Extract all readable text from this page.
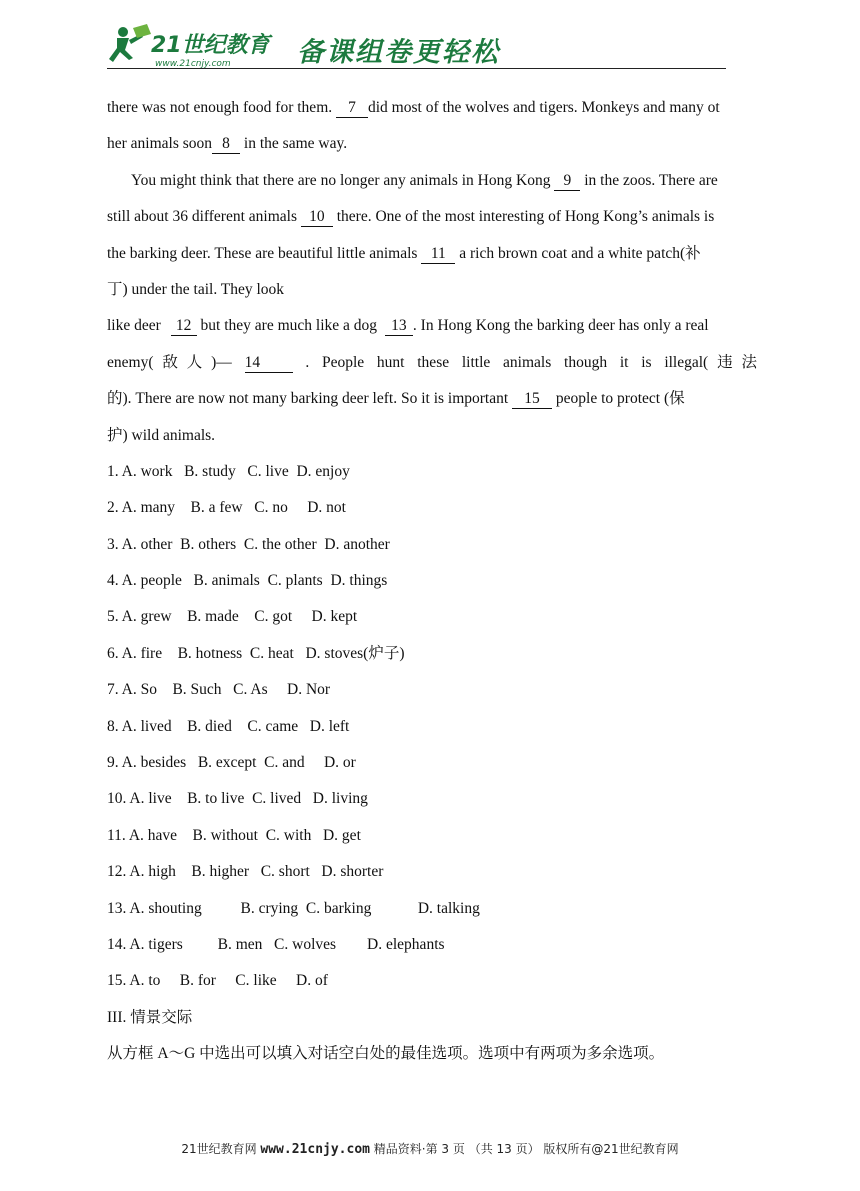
21世纪教育
www.21cnjy.com 备课组卷更轻松
there was not enough food for them. 7 did most of the wolves and tigers. Monkeys and many ot
her animals soon 8 in the same way.
You might think that there are no longer any animals in Hong Kong 9 in the zoos. There are
still about 36 different animals 10 there. One of the most interesting of Hong Kong’s animals is
the barking deer. These are beautiful little animals 11 a rich brown coat and a white patch(补
丁) under the tail. They look
like deer 12 but they are much like a dog 13 . In Hong Kong the barking deer has only a real
enemy(敌人)— 14	. People hunt these little animals though it is illegal(违法
的). There are now not many barking deer left. So it is important 15 people to protect (保
护) wild animals.
1. A. work   B. study   C. live  D. enjoy
2. A. many    B. a few   C. no     D. not
3. A. other  B. others  C. the other  D. another
4. A. people   B. animals  C. plants  D. things
5. A. grew    B. made    C. got     D. kept
6. A. fire    B. hotness  C. heat   D. stoves(炉子)
7. A. So    B. Such   C. As     D. Nor
8. A. lived    B. died    C. came   D. left
9. A. besides   B. except  C. and     D. or
10. A. live    B. to live  C. lived   D. living
11. A. have    B. without  C. with   D. get
12. A. high    B. higher   C. short   D. shorter
13. A. shouting          B. crying  C. barking            D. talking
14. A. tigers         B. men   C. wolves        D. elephants
15. A. to     B. for     C. like     D. of
III. 情景交际
从方框 A～G 中选出可以填入对话空白处的最佳选项。选项中有两项为多余选项。
21世纪教育网 www.21cnjy.com 精品资料·第 3 页 （共 13 页） 版权所有@21世纪教育网
